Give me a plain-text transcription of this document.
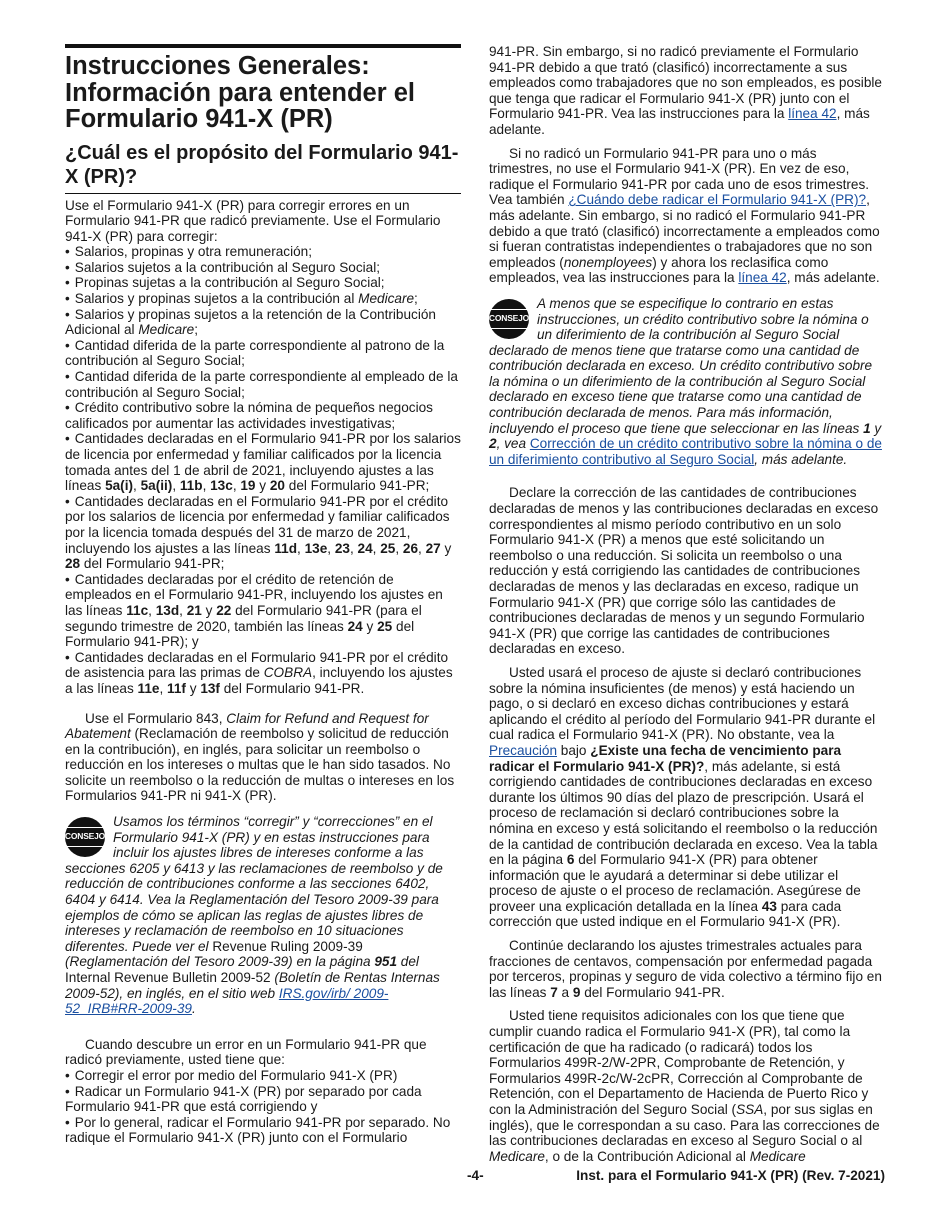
Instrucciones Generales: Información para entender el Formulario 941-X (PR)
¿Cuál es el propósito del Formulario 941-X (PR)?

Use el Formulario 941-X (PR) para corregir errores en un Formulario 941-PR que radicó previamente. Use el Formulario 941-X (PR) para corregir:

• Salarios, propinas y otra remuneración;
• Salarios sujetos a la contribución al Seguro Social;
• Propinas sujetas a la contribución al Seguro Social;
• Salarios y propinas sujetos a la contribución al Medicare;
• Salarios y propinas sujetos a la retención de la Contribución Adicional al Medicare;
• Cantidad diferida de la parte correspondiente al patrono de la contribución al Seguro Social;
• Cantidad diferida de la parte correspondiente al empleado de la contribución al Seguro Social;
• Crédito contributivo sobre la nómina de pequeños negocios calificados por aumentar las actividades investigativas;
• Cantidades declaradas en el Formulario 941-PR por los salarios de licencia por enfermedad y familiar calificados por la licencia tomada antes del 1 de abril de 2021, incluyendo ajustes a las líneas 5a(i), 5a(ii), 11b, 13c, 19 y 20 del Formulario 941-PR;
• Cantidades declaradas en el Formulario 941-PR por el crédito por los salarios de licencia por enfermedad y familiar calificados por la licencia tomada después del 31 de marzo de 2021, incluyendo los ajustes a las líneas 11d, 13e, 23, 24, 25, 26, 27 y 28 del Formulario 941-PR;
• Cantidades declaradas por el crédito de retención de empleados en el Formulario 941-PR, incluyendo los ajustes en las líneas 11c, 13d, 21 y 22 del Formulario 941-PR (para el segundo trimestre de 2020, también las líneas 24 y 25 del Formulario 941-PR); y
• Cantidades declaradas en el Formulario 941-PR por el crédito de asistencia para las primas de COBRA, incluyendo los ajustes a las líneas 11e, 11f y 13f del Formulario 941-PR.

Use el Formulario 843, Claim for Refund and Request for Abatement (Reclamación de reembolso y solicitud de reducción en la contribución), en inglés, para solicitar un reembolso o reducción en los intereses o multas que le han sido tasados. No solicite un reembolso o la reducción de multas o intereses en los Formularios 941-PR ni 941-X (PR).

CONSEJO
Usamos los términos “corregir” y “correcciones” en el Formulario 941-X (PR) y en estas instrucciones para incluir los ajustes libres de intereses conforme a las secciones 6205 y 6413 y las reclamaciones de reembolso y de reducción de contribuciones conforme a las secciones 6402, 6404 y 6414. Vea la Reglamentación del Tesoro 2009-39 para ejemplos de cómo se aplican las reglas de ajustes libres de intereses y reclamación de reembolso en 10 situaciones diferentes. Puede ver el Revenue Ruling 2009-39 (Reglamentación del Tesoro 2009-39) en la página 951 del Internal Revenue Bulletin 2009-52 (Boletín de Rentas Internas 2009-52), en inglés, en el sitio web IRS.gov/irb/ 2009-52_IRB#RR-2009-39.

Cuando descubre un error en un Formulario 941-PR que radicó previamente, usted tiene que:

• Corregir el error por medio del Formulario 941-X (PR)
• Radicar un Formulario 941-X (PR) por separado por cada Formulario 941-PR que está corrigiendo y
• Por lo general, radicar el Formulario 941-PR por separado. No radique el Formulario 941-X (PR) junto con el Formulario

941-PR. Sin embargo, si no radicó previamente el Formulario 941-PR debido a que trató (clasificó) incorrectamente a sus empleados como trabajadores que no son empleados, es posible que tenga que radicar el Formulario 941-X (PR) junto con el Formulario 941-PR. Vea las instrucciones para la línea 42, más adelante.

Si no radicó un Formulario 941-PR para uno o más trimestres, no use el Formulario 941-X (PR). En vez de eso, radique el Formulario 941-PR por cada uno de esos trimestres. Vea también ¿Cuándo debe radicar el Formulario 941-X (PR)?, más adelante. Sin embargo, si no radicó el Formulario 941-PR debido a que trató (clasificó) incorrectamente a empleados como si fueran contratistas independientes o trabajadores que no son empleados (nonemployees) y ahora los reclasifica como empleados, vea las instrucciones para la línea 42, más adelante.

CONSEJO
A menos que se especifique lo contrario en estas instrucciones, un crédito contributivo sobre la nómina o un diferimiento de la contribución al Seguro Social declarado de menos tiene que tratarse como una cantidad de contribución declarada en exceso. Un crédito contributivo sobre la nómina o un diferimiento de la contribución al Seguro Social declarado en exceso tiene que tratarse como una cantidad de contribución declarada de menos. Para más información, incluyendo el proceso que tiene que seleccionar en las líneas 1 y 2, vea Corrección de un crédito contributivo sobre la nómina o de un diferimiento contributivo al Seguro Social, más adelante.

Declare la corrección de las cantidades de contribuciones declaradas de menos y las contribuciones declaradas en exceso correspondientes al mismo período contributivo en un solo Formulario 941-X (PR) a menos que esté solicitando un reembolso o una reducción. Si solicita un reembolso o una reducción y está corrigiendo las cantidades de contribuciones declaradas de menos y las declaradas en exceso, radique un Formulario 941-X (PR) que corrige sólo las cantidades de contribuciones declaradas de menos y un segundo Formulario 941-X (PR) que corrige las cantidades de contribuciones declaradas en exceso.

Usted usará el proceso de ajuste si declaró contribuciones sobre la nómina insuficientes (de menos) y está haciendo un pago, o si declaró en exceso dichas contribuciones y estará aplicando el crédito al período del Formulario 941-PR durante el cual radica el Formulario 941-X (PR). No obstante, vea la Precaución bajo ¿Existe una fecha de vencimiento para radicar el Formulario 941-X (PR)?, más adelante, si está corrigiendo cantidades de contribuciones declaradas en exceso durante los últimos 90 días del plazo de prescripción. Usará el proceso de reclamación si declaró contribuciones sobre la nómina en exceso y está solicitando el reembolso o la reducción de la cantidad de contribución declarada en exceso. Vea la tabla en la página 6 del Formulario 941-X (PR) para obtener información que le ayudará a determinar si debe utilizar el proceso de ajuste o el proceso de reclamación. Asegúrese de proveer una explicación detallada en la línea 43 para cada corrección que usted indique en el Formulario 941-X (PR).

Continúe declarando los ajustes trimestrales actuales para fracciones de centavos, compensación por enfermedad pagada por terceros, propinas y seguro de vida colectivo a término fijo en las líneas 7 a 9 del Formulario 941-PR.

Usted tiene requisitos adicionales con los que tiene que cumplir cuando radica el Formulario 941-X (PR), tal como la certificación de que ha radicado (o radicará) todos los Formularios 499R-2/W-2PR, Comprobante de Retención, y Formularios 499R-2c/W-2cPR, Corrección al Comprobante de Retención, con el Departamento de Hacienda de Puerto Rico y con la Administración del Seguro Social (SSA, por sus siglas en inglés), que le correspondan a su caso. Para las correcciones de las contribuciones declaradas en exceso al Seguro Social o al Medicare, o de la Contribución Adicional al Medicare

-4-	Inst. para el Formulario 941-X (PR) (Rev. 7-2021)
